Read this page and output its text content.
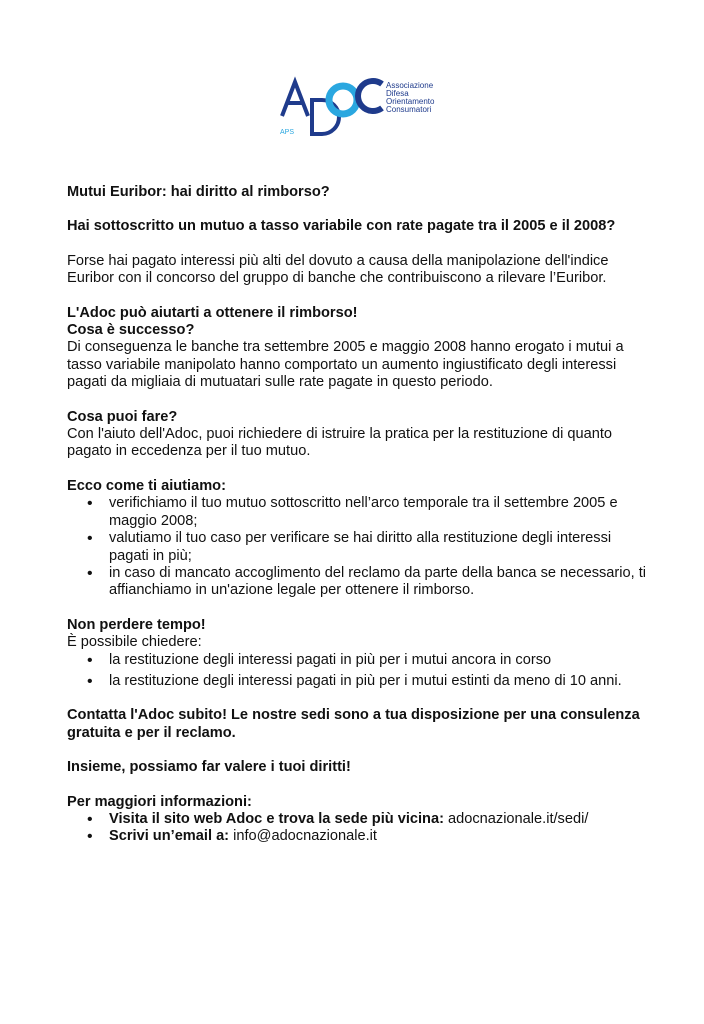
APS
Associazione
Difesa
Orientamento
Consumatori

Mutui Euribor: hai diritto al rimborso?

Hai sottoscritto un mutuo a tasso variabile con rate pagate tra il 2005 e il 2008?

Forse hai pagato interessi più alti del dovuto a causa della manipolazione dell'indice

Euribor con il concorso del gruppo di banche che contribuiscono a rilevare l’Euribor.

L'Adoc può aiutarti a ottenere il rimborso!

Cosa è successo?

Di conseguenza le banche tra settembre 2005 e maggio 2008 hanno erogato i mutui a

tasso variabile manipolato hanno comportato un aumento ingiustificato degli interessi

pagati da migliaia di mutuatari sulle rate pagate in questo periodo.

Cosa puoi fare?

Con l'aiuto dell'Adoc, puoi richiedere di istruire la pratica per la restituzione di quanto

pagato in eccedenza per il tuo mutuo.

Ecco come ti aiutiamo:

• verifichiamo il tuo mutuo sottoscritto nell’arco temporale tra il settembre 2005 e
maggio 2008;
• valutiamo il tuo caso per verificare se hai diritto alla restituzione degli interessi
pagati in più;
• in caso di mancato accoglimento del reclamo da parte della banca se necessario, ti
affianchiamo in un'azione legale per ottenere il rimborso.

Non perdere tempo!

È possibile chiedere:

• la restituzione degli interessi pagati in più per i mutui ancora in corso
• la restituzione degli interessi pagati in più per i mutui estinti da meno di 10 anni.

Contatta l'Adoc subito! Le nostre sedi sono a tua disposizione per una consulenza

gratuita e per il reclamo.

Insieme, possiamo far valere i tuoi diritti!

Per maggiori informazioni:

• Visita il sito web Adoc e trova la sede più vicina: adocnazionale.it/sedi/
• Scrivi un’email a: info@adocnazionale.it
